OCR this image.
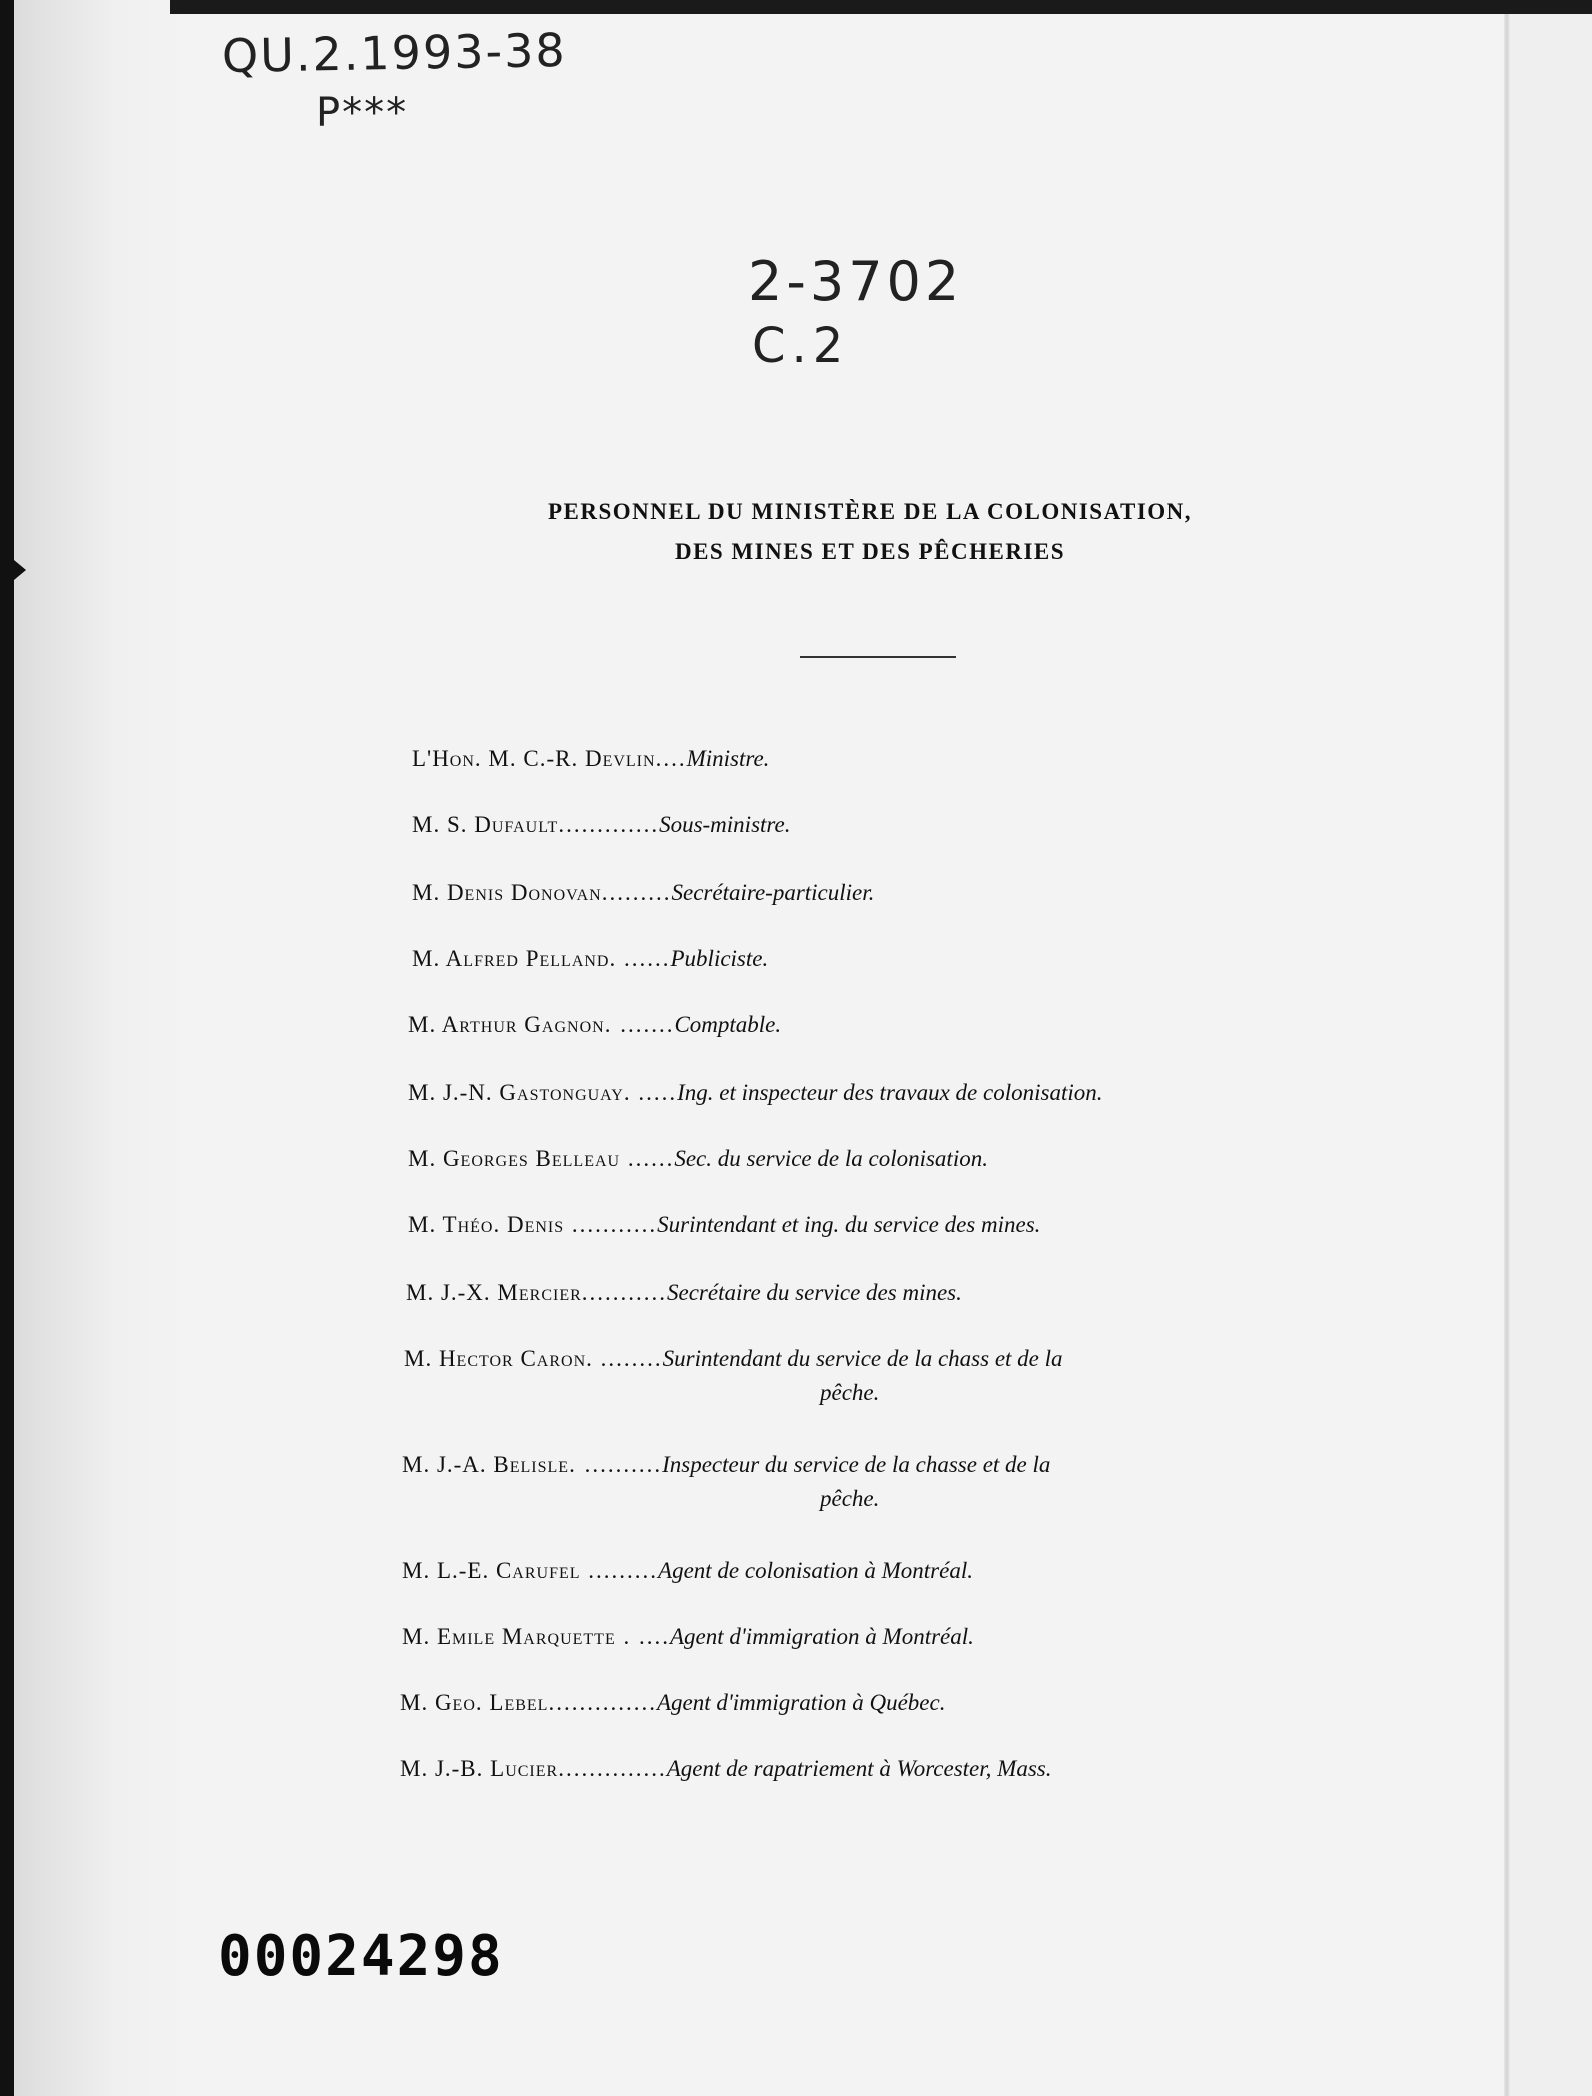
QU.2.1993-38
P***
2-3702
C.2
PERSONNEL DU MINISTÈRE DE LA COLONISATION,
DES MINES ET DES PÊCHERIES
L'Hon. M. C.-R. Devlin....Ministre.
M. S. Dufault.............Sous-ministre.
M. Denis Donovan.........Secrétaire-particulier.
M. Alfred Pelland. ......Publiciste.
M. Arthur Gagnon. .......Comptable.
M. J.-N. Gastonguay. .....Ing. et inspecteur des travaux de colonisation.
M. Georges Belleau ......Sec. du service de la colonisation.
M. Théo. Denis ...........Surintendant et ing. du service des mines.
M. J.-X. Mercier...........Secrétaire du service des mines.
M. Hector Caron. ........Surintendant du service de la chass et de la
pêche.
M. J.-A. Belisle. ..........Inspecteur du service de la chasse et de la
pêche.
M. L.-E. Carufel .........Agent de colonisation à Montréal.
M. Emile Marquette . ....Agent d'immigration à Montréal.
M. Geo. Lebel..............Agent d'immigration à Québec.
M. J.-B. Lucier..............Agent de rapatriement à Worcester, Mass.
00024298
